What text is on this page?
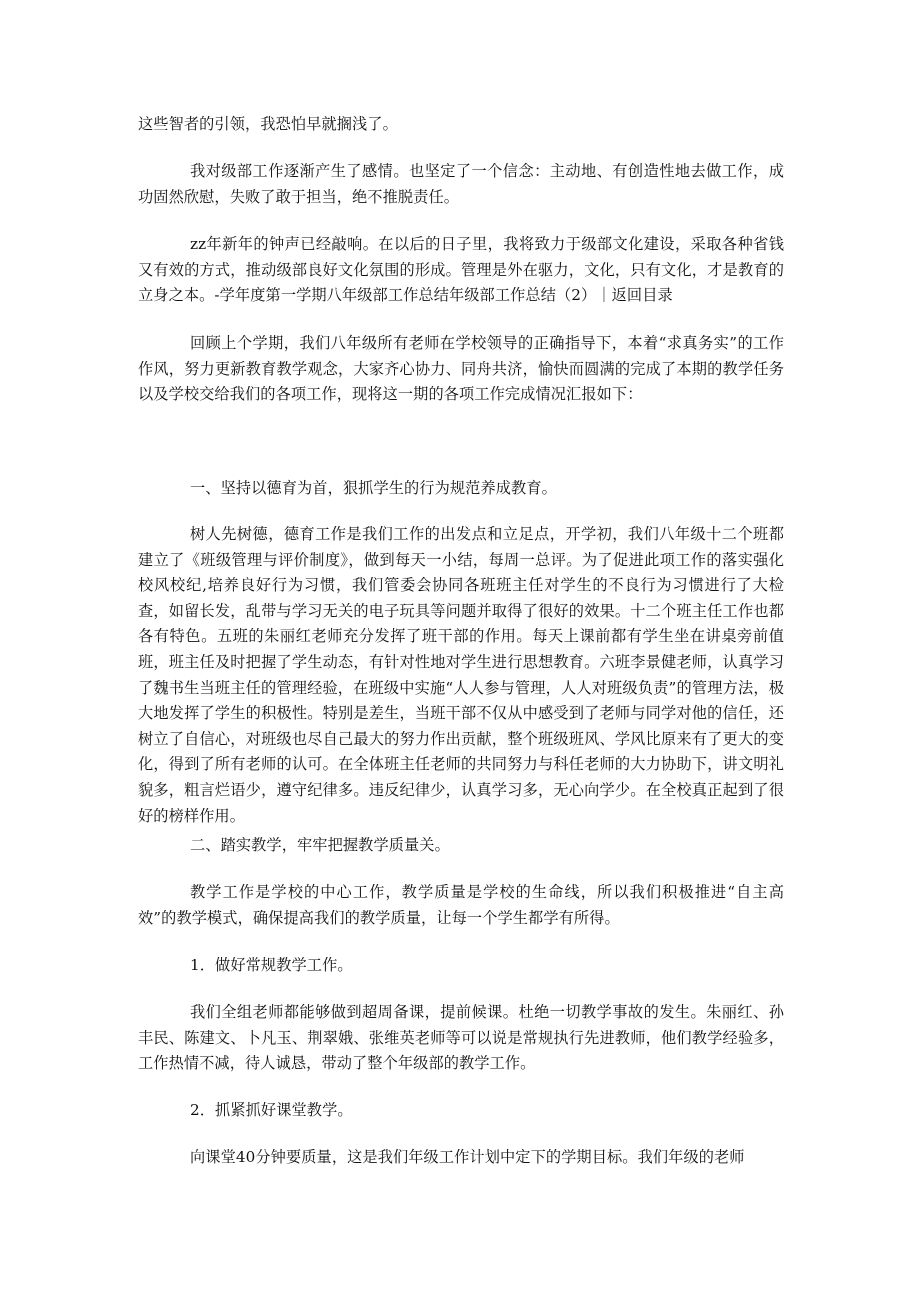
这些智者的引领，我恐怕早就搁浅了。

我对级部工作逐渐产生了感情。也坚定了一个信念：主动地、有创造性地去做工作，成功固然欣慰，失败了敢于担当，绝不推脱责任。

zz年新年的钟声已经敲响。在以后的日子里，我将致力于级部文化建设，采取各种省钱又有效的方式，推动级部良好文化氛围的形成。管理是外在驱力，文化，只有文化，才是教育的立身之本。-学年度第一学期八年级部工作总结年级部工作总结（2）｜返回目录

回顾上个学期，我们八年级所有老师在学校领导的正确指导下，本着“求真务实”的工作作风，努力更新教育教学观念，大家齐心协力、同舟共济，愉快而圆满的完成了本期的教学任务以及学校交给我们的各项工作，现将这一期的各项工作完成情况汇报如下：

一、坚持以德育为首，狠抓学生的行为规范养成教育。

树人先树德，德育工作是我们工作的出发点和立足点，开学初，我们八年级十二个班都建立了《班级管理与评价制度》，做到每天一小结，每周一总评。为了促进此项工作的落实强化校风校纪,培养良好行为习惯，我们管委会协同各班班主任对学生的不良行为习惯进行了大检查，如留长发，乱带与学习无关的电子玩具等问题并取得了很好的效果。十二个班主任工作也都各有特色。五班的朱丽红老师充分发挥了班干部的作用。每天上课前都有学生坐在讲桌旁前值班，班主任及时把握了学生动态，有针对性地对学生进行思想教育。六班李景健老师，认真学习了魏书生当班主任的管理经验，在班级中实施“人人参与管理，人人对班级负责”的管理方法，极大地发挥了学生的积极性。特别是差生，当班干部不仅从中感受到了老师与同学对他的信任，还树立了自信心，对班级也尽自己最大的努力作出贡献，整个班级班风、学风比原来有了更大的变化，得到了所有老师的认可。在全体班主任老师的共同努力与科任老师的大力协助下，讲文明礼貌多，粗言烂语少，遵守纪律多。违反纪律少，认真学习多，无心向学少。在全校真正起到了很好的榜样作用。

二、踏实教学，牢牢把握教学质量关。

教学工作是学校的中心工作，教学质量是学校的生命线，所以我们积极推进“自主高效”的教学模式，确保提高我们的教学质量，让每一个学生都学有所得。

1．做好常规教学工作。

我们全组老师都能够做到超周备课，提前候课。杜绝一切教学事故的发生。朱丽红、孙丰民、陈建文、卜凡玉、荆翠娥、张维英老师等可以说是常规执行先进教师，他们教学经验多，工作热情不减，待人诚恳，带动了整个年级部的教学工作。

2．抓紧抓好课堂教学。

向课堂40分钟要质量，这是我们年级工作计划中定下的学期目标。我们年级的老师
